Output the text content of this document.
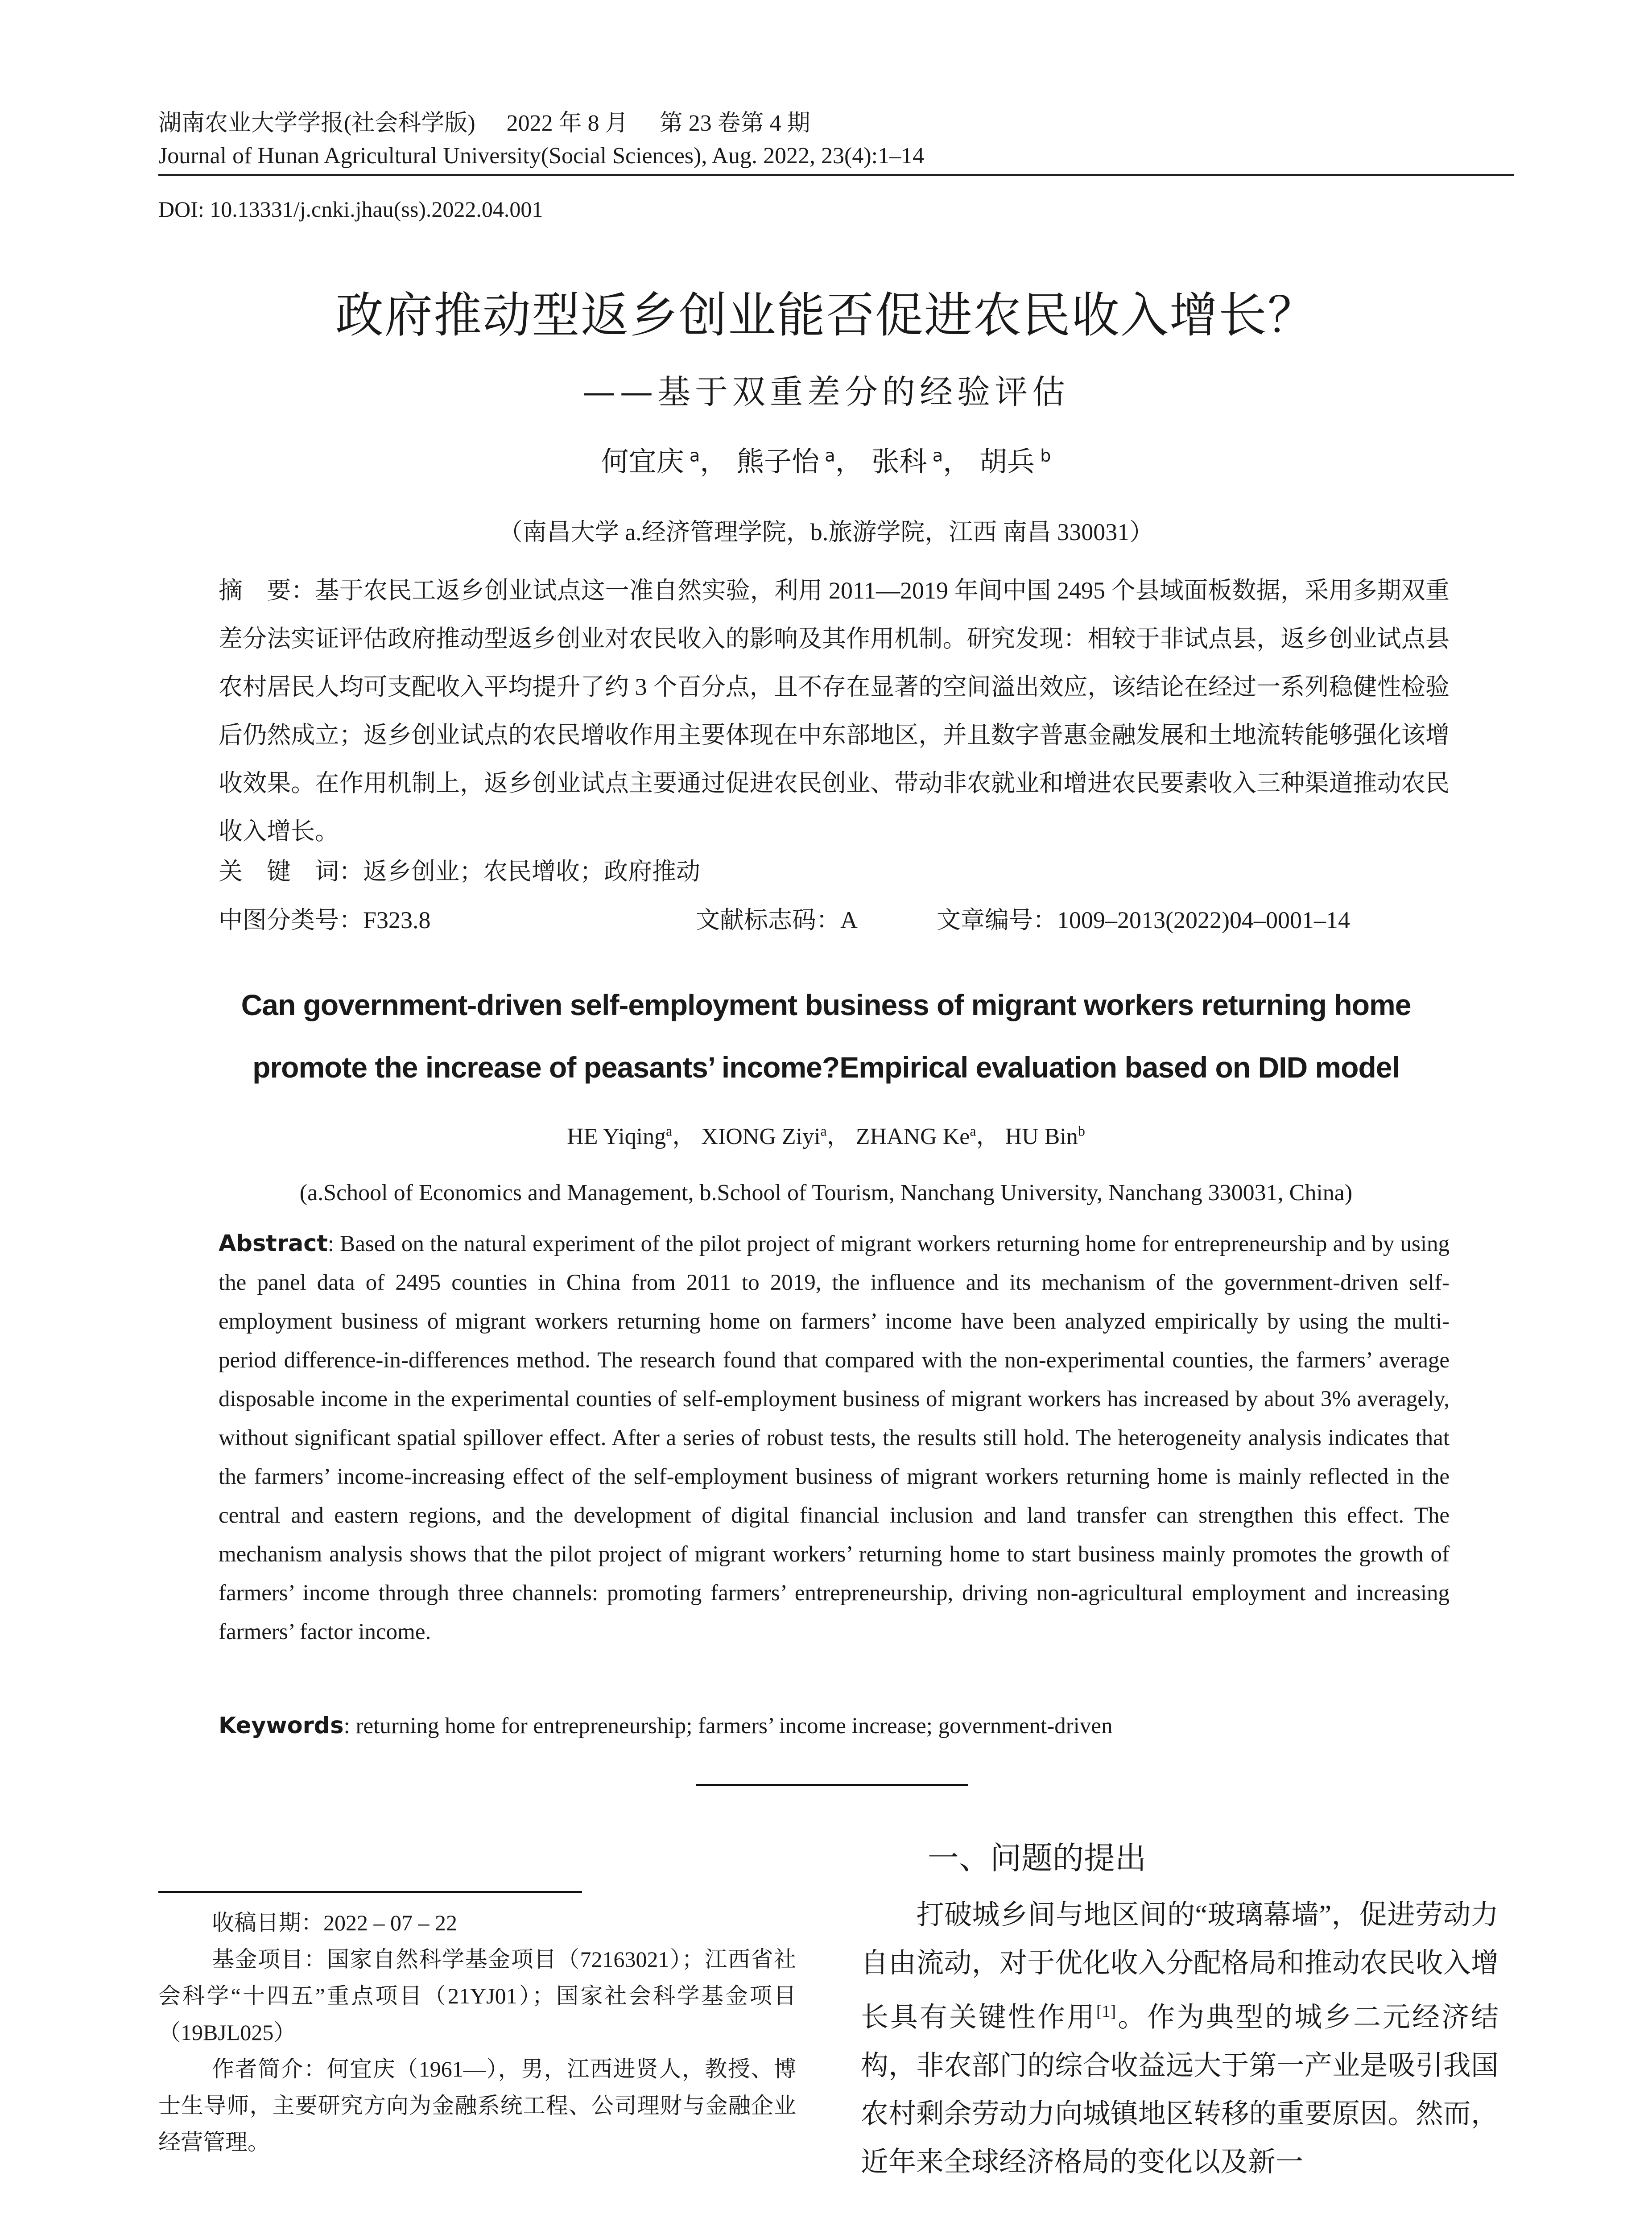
湖南农业大学学报(社会科学版) 2022 年 8 月 第 23 卷第 4 期
Journal of Hunan Agricultural University(Social Sciences), Aug. 2022, 23(4):1–14
DOI: 10.13331/j.cnki.jhau(ss).2022.04.001
政府推动型返乡创业能否促进农民收入增长？
——基于双重差分的经验评估
何宜庆  $^a$， 熊子怡  $^a$， 张科  $^a$， 胡兵  $^b$
（南昌大学 a.经济管理学院，b.旅游学院，江西 南昌 330031）
摘　要：基于农民工返乡创业试点这一准自然实验，利用 2011—2019 年间中国 2495 个县域面板数据，采用多期双重差分法实证评估政府推动型返乡创业对农民收入的影响及其作用机制。研究发现：相较于非试点县，返乡创业试点县农村居民人均可支配收入平均提升了约 3 个百分点，且不存在显著的空间溢出效应，该结论在经过一系列稳健性检验后仍然成立；返乡创业试点的农民增收作用主要体现在中东部地区，并且数字普惠金融发展和土地流转能够强化该增收效果。在作用机制上，返乡创业试点主要通过促进农民创业、带动非农就业和增进农民要素收入三种渠道推动农民收入增长。
关　键　词：返乡创业；农民增收；政府推动
中图分类号：F323.8	文献标志码：A	文章编号：1009–2013(2022)04–0001–14
Can government-driven self-employment business of migrant workers returning home
promote the increase of peasants’ income?Empirical evaluation based on DID model
HE Yiqing$^a$， XIONG Ziyi$^a$， ZHANG Ke$^a$， HU Bin$^b$
(a.School of Economics and Management, b.School of Tourism, Nanchang University, Nanchang 330031, China)
Abstract: Based on the natural experiment of the pilot project of migrant workers returning home for entrepreneurship and by using the panel data of 2495 counties in China from 2011 to 2019, the influence and its mechanism of the government-driven self-employment business of migrant workers returning home on farmers’ income have been analyzed empirically by using the multi-period difference-in-differences method. The research found that compared with the non-experimental counties, the farmers’ average disposable income in the experimental counties of self-employment business of migrant workers has increased by about 3% averagely, without significant spatial spillover effect. After a series of robust tests, the results still hold. The heterogeneity analysis indicates that the farmers’ income-increasing effect of the self-employment business of migrant workers returning home is mainly reflected in the central and eastern regions, and the development of digital financial inclusion and land transfer can strengthen this effect. The mechanism analysis shows that the pilot project of migrant workers’ returning home to start business mainly promotes the growth of farmers’ income through three channels: promoting farmers’ entrepreneurship, driving non-agricultural employment and increasing farmers’ factor income.
Keywords: returning home for entrepreneurship; farmers’ income increase; government-driven
一、问题的提出
打破城乡间与地区间的“玻璃幕墙”，促进劳动力自由流动，对于优化收入分配格局和推动农民收入增长具有关键性作用[1]。作为典型的城乡二元经济结构，非农部门的综合收益远大于第一产业是吸引我国农村剩余劳动力向城镇地区转移的重要原因。然而，近年来全球经济格局的变化以及新一

收稿日期：2022 – 07 – 22

基金项目：国家自然科学基金项目（72163021）；江西省社会科学“十四五”重点项目（21YJ01）；国家社会科学基金项目（19BJL025）

作者简介：何宜庆（1961—），男，江西进贤人，教授、博士生导师，主要研究方向为金融系统工程、公司理财与金融企业经营管理。
